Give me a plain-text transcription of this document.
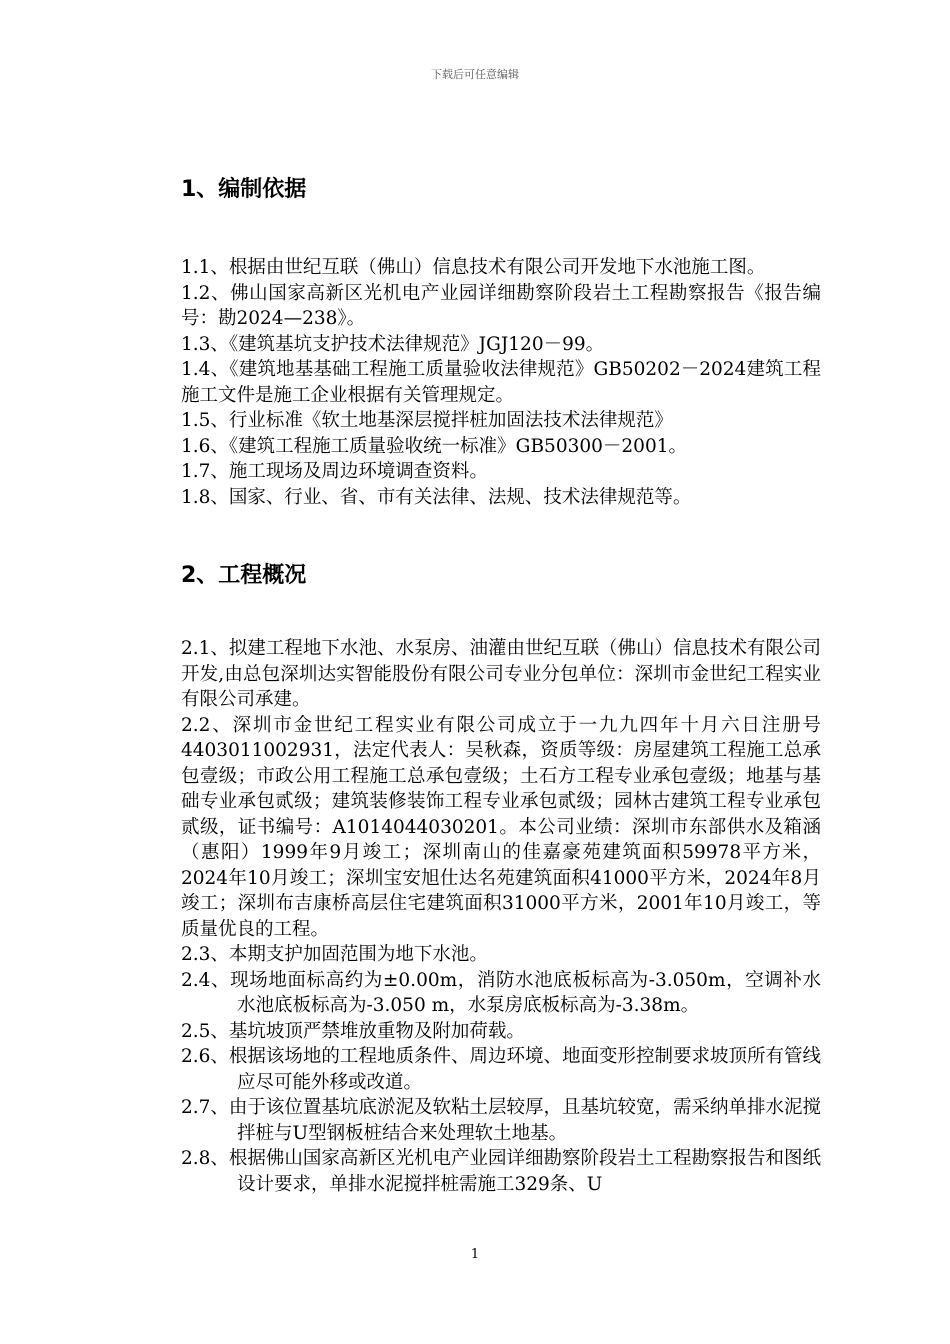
下载后可任意编辑
1、编制依据

1.1、根据由世纪互联（佛山）信息技术有限公司开发地下水池施工图。

1.2、佛山国家高新区光机电产业园详细勘察阶段岩土工程勘察报告《报告编号：勘2024—238》。

1.3、《建筑基坑支护技术法律规范》JGJ120－99。

1.4、《建筑地基基础工程施工质量验收法律规范》GB50202－2024建筑工程施工文件是施工企业根据有关管理规定。

1.5、行业标准《软土地基深层搅拌桩加固法技术法律规范》

1.6、《建筑工程施工质量验收统一标准》GB50300－2001。

1.7、施工现场及周边环境调查资料。

1.8、国家、行业、省、市有关法律、法规、技术法律规范等。

2、工程概况

2.1、拟建工程地下水池、水泵房、油灌由世纪互联（佛山）信息技术有限公司开发,由总包深圳达实智能股份有限公司专业分包单位：深圳市金世纪工程实业有限公司承建。

2.2、深圳市金世纪工程实业有限公司成立于一九九四年十月六日注册号4403011002931，法定代表人：吴秋森，资质等级：房屋建筑工程施工总承包壹级；市政公用工程施工总承包壹级；土石方工程专业承包壹级；地基与基础专业承包贰级；建筑装修装饰工程专业承包贰级；园林古建筑工程专业承包贰级，证书编号：A1014044030201。本公司业绩：深圳市东部供水及箱涵（惠阳）1999年9月竣工；深圳南山的佳嘉豪苑建筑面积59978平方米，2024年10月竣工；深圳宝安旭仕达名苑建筑面积41000平方米，2024年8月竣工；深圳布吉康桥高层住宅建筑面积31000平方米，2001年10月竣工，等质量优良的工程。

2.3、本期支护加固范围为地下水池。

2.4、现场地面标高约为±0.00m，消防水池底板标高为-3.050m，空调补水水池底板标高为-3.050 m，水泵房底板标高为-3.38m。

2.5、基坑坡顶严禁堆放重物及附加荷载。

2.6、根据该场地的工程地质条件、周边环境、地面变形控制要求坡顶所有管线应尽可能外移或改道。

2.7、由于该位置基坑底淤泥及软粘土层较厚，且基坑较宽，需采纳单排水泥搅拌桩与U型钢板桩结合来处理软土地基。

2.8、根据佛山国家高新区光机电产业园详细勘察阶段岩土工程勘察报告和图纸设计要求，单排水泥搅拌桩需施工329条、U

1
